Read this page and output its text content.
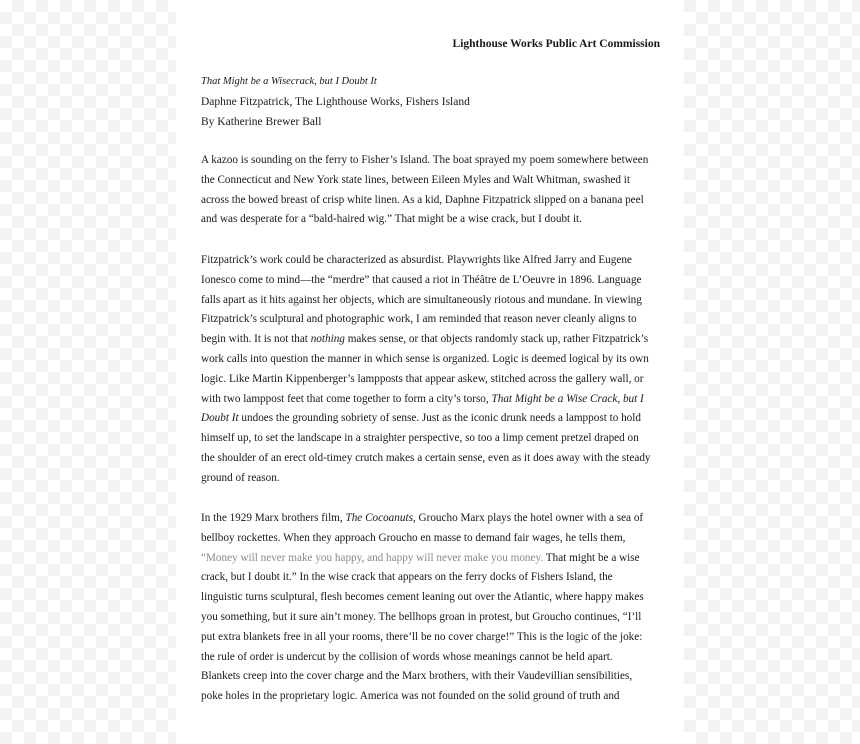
Lighthouse Works Public Art Commission
That Might be a Wisecrack, but I Doubt It
Daphne Fitzpatrick, The Lighthouse Works, Fishers Island
By Katherine Brewer Ball
A kazoo is sounding on the ferry to Fisher’s Island. The boat sprayed my poem somewhere between
the Connecticut and New York state lines, between Eileen Myles and Walt Whitman, swashed it
across the bowed breast of crisp white linen. As a kid, Daphne Fitzpatrick slipped on a banana peel
and was desperate for a “bald-haired wig.” That might be a wise crack, but I doubt it.
Fitzpatrick’s work could be characterized as absurdist. Playwrights like Alfred Jarry and Eugene
Ionesco come to mind—the “merdre” that caused a riot in Théâtre de L’Oeuvre in 1896. Language
falls apart as it hits against her objects, which are simultaneously riotous and mundane. In viewing
Fitzpatrick’s sculptural and photographic work, I am reminded that reason never cleanly aligns to
begin with. It is not that nothing makes sense, or that objects randomly stack up, rather Fitzpatrick’s
work calls into question the manner in which sense is organized. Logic is deemed logical by its own
logic. Like Martin Kippenberger’s lampposts that appear askew, stitched across the gallery wall, or
with two lamppost feet that come together to form a city’s torso, That Might be a Wise Crack, but I
Doubt It undoes the grounding sobriety of sense. Just as the iconic drunk needs a lamppost to hold
himself up, to set the landscape in a straighter perspective, so too a limp cement pretzel draped on
the shoulder of an erect old-timey crutch makes a certain sense, even as it does away with the steady
ground of reason.
In the 1929 Marx brothers film, The Cocoanuts, Groucho Marx plays the hotel owner with a sea of
bellboy rockettes. When they approach Groucho en masse to demand fair wages, he tells them,
“Money will never make you happy, and happy will never make you money. That might be a wise
crack, but I doubt it.” In the wise crack that appears on the ferry docks of Fishers Island, the
linguistic turns sculptural, flesh becomes cement leaning out over the Atlantic, where happy makes
you something, but it sure ain’t money. The bellhops groan in protest, but Groucho continues, “I’ll
put extra blankets free in all your rooms, there’ll be no cover charge!” This is the logic of the joke:
the rule of order is undercut by the collision of words whose meanings cannot be held apart.
Blankets creep into the cover charge and the Marx brothers, with their Vaudevillian sensibilities,
poke holes in the proprietary logic. America was not founded on the solid ground of truth and
